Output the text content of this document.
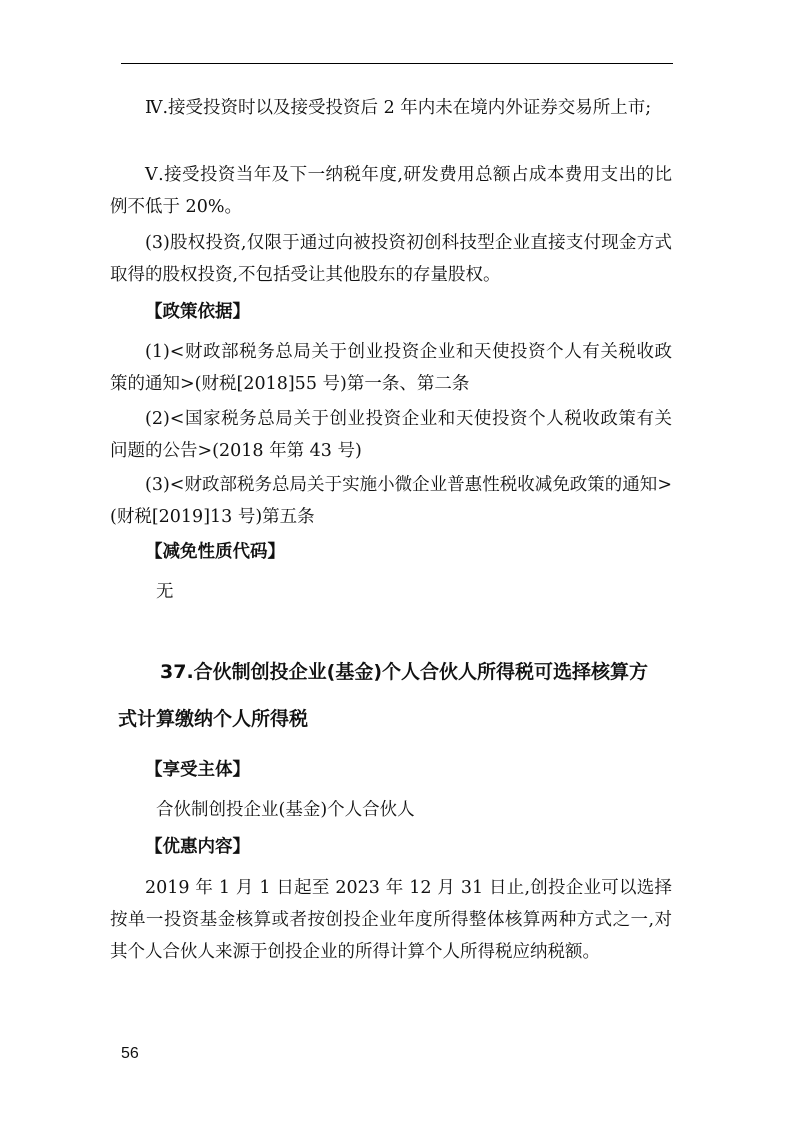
Ⅳ.接受投资时以及接受投资后 2 年内未在境内外证券交易所上市;

Ⅴ.接受投资当年及下一纳税年度,研发费用总额占成本费用支出的比例不低于 20%。

(3)股权投资,仅限于通过向被投资初创科技型企业直接支付现金方式取得的股权投资,不包括受让其他股东的存量股权。

【政策依据】

(1)<财政部税务总局关于创业投资企业和天使投资个人有关税收政策的通知>(财税[2018]55 号)第一条、第二条

(2)<国家税务总局关于创业投资企业和天使投资个人税收政策有关问题的公告>(2018 年第 43 号)

(3)<财政部税务总局关于实施小微企业普惠性税收减免政策的通知>(财税[2019]13 号)第五条

【减免性质代码】

无

37.合伙制创投企业(基金)个人合伙人所得税可选择核算方

式计算缴纳个人所得税

【享受主体】

合伙制创投企业(基金)个人合伙人

【优惠内容】

2019 年 1 月 1 日起至 2023 年 12 月 31 日止,创投企业可以选择按单一投资基金核算或者按创投企业年度所得整体核算两种方式之一,对其个人合伙人来源于创投企业的所得计算个人所得税应纳税额。

56
